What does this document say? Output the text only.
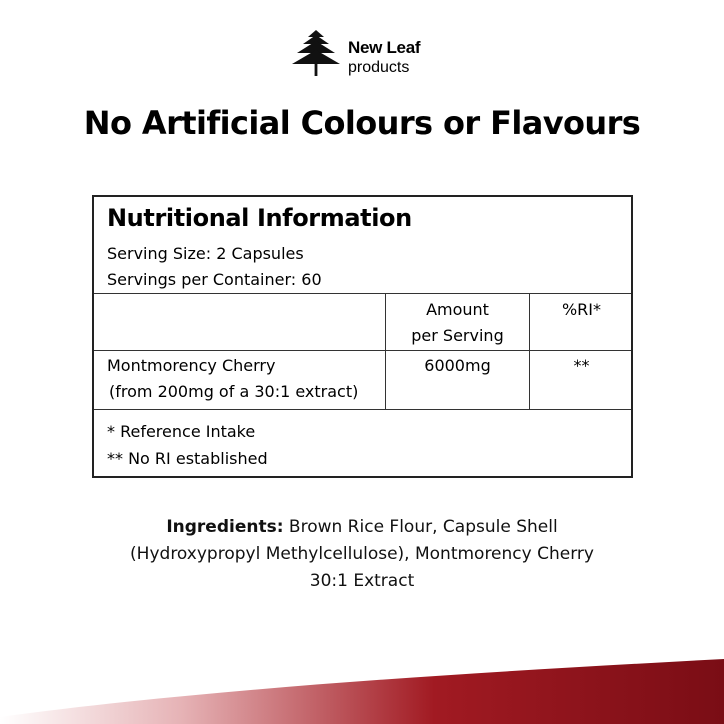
New Leaf
products
No Artificial Colours or Flavours
Nutritional Information
Serving Size: 2 Capsules
Servings per Container: 60
Amount
per Serving
%RI*
Montmorency Cherry
(from 200mg of a 30:1 extract)
6000mg	**
* Reference Intake
** No RI established
Ingredients: Brown Rice Flour, Capsule Shell
(Hydroxypropyl Methylcellulose), Montmorency Cherry
30:1 Extract
